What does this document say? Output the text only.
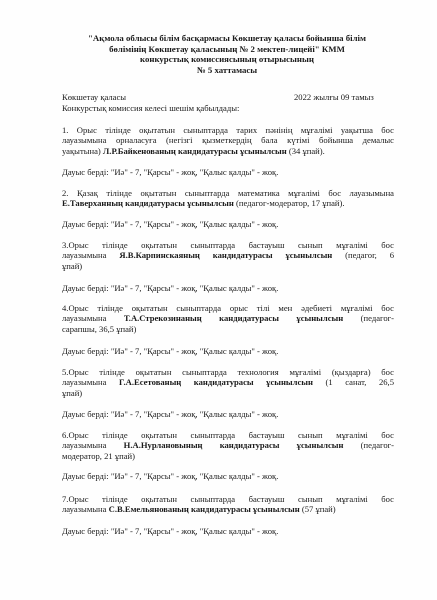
"Ақмола облысы білім басқармасы Көкшетау қаласы бойынша білім
бөлімінің Көкшетау қаласының № 2 мектеп-лицейі" КММ
конкурстық комиссиясының отырысының
№ 5 хаттамасы
Көкшетау қаласы	2022 жылғы 09 тамыз
Конкурстық комиссия келесі шешім қабылдады:
1. Орыс тілінде оқытатын сыныптарда тарих пәнінің мұғалімі уақытша бос
лауазымына орналасуға (негізгі қызметкердің бала күтімі бойынша демалыс
уақытына) Л.Р.Байкенованың кандидатурасы ұсынылсын (34 ұпай).
Дауыс берді: "Иә" - 7, "Қарсы" - жоқ, "Қалыс қалды" - жоқ.
2. Қазақ тілінде оқытатын сыныптарда математика мұғалімі бос лауазымына
Е.Таверханның кандидатурасы ұсынылсын (педагог-модератор, 17 ұпай).
Дауыс берді: "Иә" - 7, "Қарсы" - жоқ, "Қалыс қалды" - жоқ.
3.Орыс тілінде оқытатын сыныптарда бастауыш сынып мұғалімі бос
лауазымына Я.В.Карпинскаяның кандидатурасы ұсынылсын (педагог, 6
ұпай)
Дауыс берді: "Иә" - 7, "Қарсы" - жоқ, "Қалыс қалды" - жоқ.
4.Орыс тілінде оқытатын сыныптарда орыс тілі мен әдебиеті мұғалімі бос
лауазымына Т.А.Стрекозинаның кандидатурасы ұсынылсын (педагог-
сарапшы, 36,5 ұпай)
Дауыс берді: "Иә" - 7, "Қарсы" - жоқ, "Қалыс қалды" - жоқ.
5.Орыс тілінде оқытатын сыныптарда технология мұғалімі (қыздарға) бос
лауазымына Г.А.Есетованың кандидатурасы ұсынылсын (1 санат, 26,5
ұпай)
Дауыс берді: "Иә" - 7, "Қарсы" - жоқ, "Қалыс қалды" - жоқ.
6.Орыс тілінде оқытатын сыныптарда бастауыш сынып мұғалімі бос
лауазымына Н.А.Нурлановының кандидатурасы ұсынылсын (педагог-
модератор, 21 ұпай)
Дауыс берді: "Иә" - 7, "Қарсы" - жоқ, "Қалыс қалды" - жоқ.
7.Орыс тілінде оқытатын сыныптарда бастауыш сынып мұғалімі бос
лауазымына С.В.Емельянованың кандидатурасы ұсынылсын (57 ұпай)
Дауыс берді: "Иә" - 7, "Қарсы" - жоқ, "Қалыс қалды" - жоқ.
